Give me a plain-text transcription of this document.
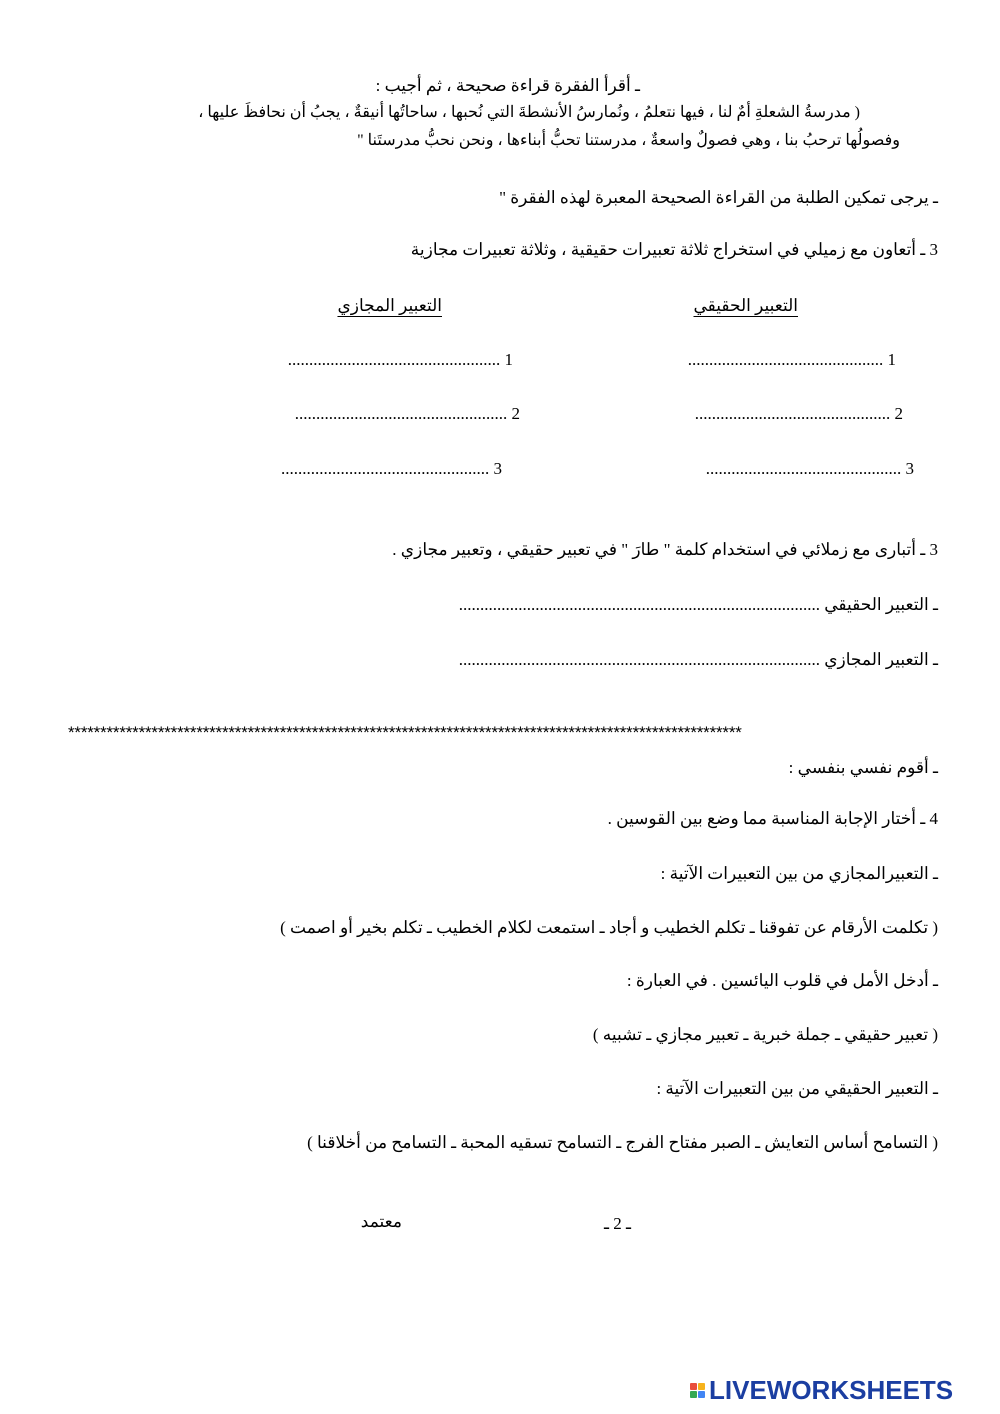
ـ أقرأ الفقرة قراءة صحيحة ، ثم أجيب :
( مدرسةُ الشعلةِ أمٌ لنا ، فيها نتعلمُ ، ونُمارسُ الأنشطةَ التي نُحبها ، ساحاتُها أنيقةٌ ، يجبُ أن نحافظَ عليها ،
وفصولُها ترحبُ بنا ، وهي فصولٌ واسعةٌ ، مدرستنا تحبُّ أبناءها ، ونحن نحبُّ مدرستَنا "
ـ يرجى تمكين الطلبة من القراءة الصحيحة المعبرة لهذه الفقرة "
3 ـ أتعاون مع زميلي في استخراج ثلاثة تعبيرات حقيقية ، وثلاثة تعبيرات مجازية
التعبير الحقيقي
التعبير المجازي
1 ..............................................
2 ..............................................
3 ..............................................
1 ..................................................
2 ..................................................
3 .................................................
3 ـ أتبارى مع زملائي في استخدام كلمة " طارَ " في تعبير حقيقي ، وتعبير مجازي .
ـ التعبير الحقيقي .....................................................................................
ـ التعبير المجازي .....................................................................................
*********************************************************************************************************
ـ أقوم نفسي بنفسي :
4 ـ أختار الإجابة المناسبة مما وضع بين القوسين .
ـ التعبيرالمجازي من بين التعبيرات الآتية :
( تكلمت الأرقام عن تفوقنا ـ تكلم الخطيب و أجاد ـ استمعت لكلام الخطيب ـ تكلم بخير أو اصمت )
ـ أدخل الأمل في قلوب اليائسين . في العبارة :
( تعبير حقيقي ـ جملة خبرية ـ تعبير مجازي ـ تشبيه )
ـ التعبير الحقيقي من بين التعبيرات الآتية :
( التسامح أساس التعايش ـ الصبر مفتاح الفرج ـ التسامح تسقيه المحبة ـ التسامح من أخلاقنا )
ـ 2 ـ
معتمد
LIVEWORKSHEETS
